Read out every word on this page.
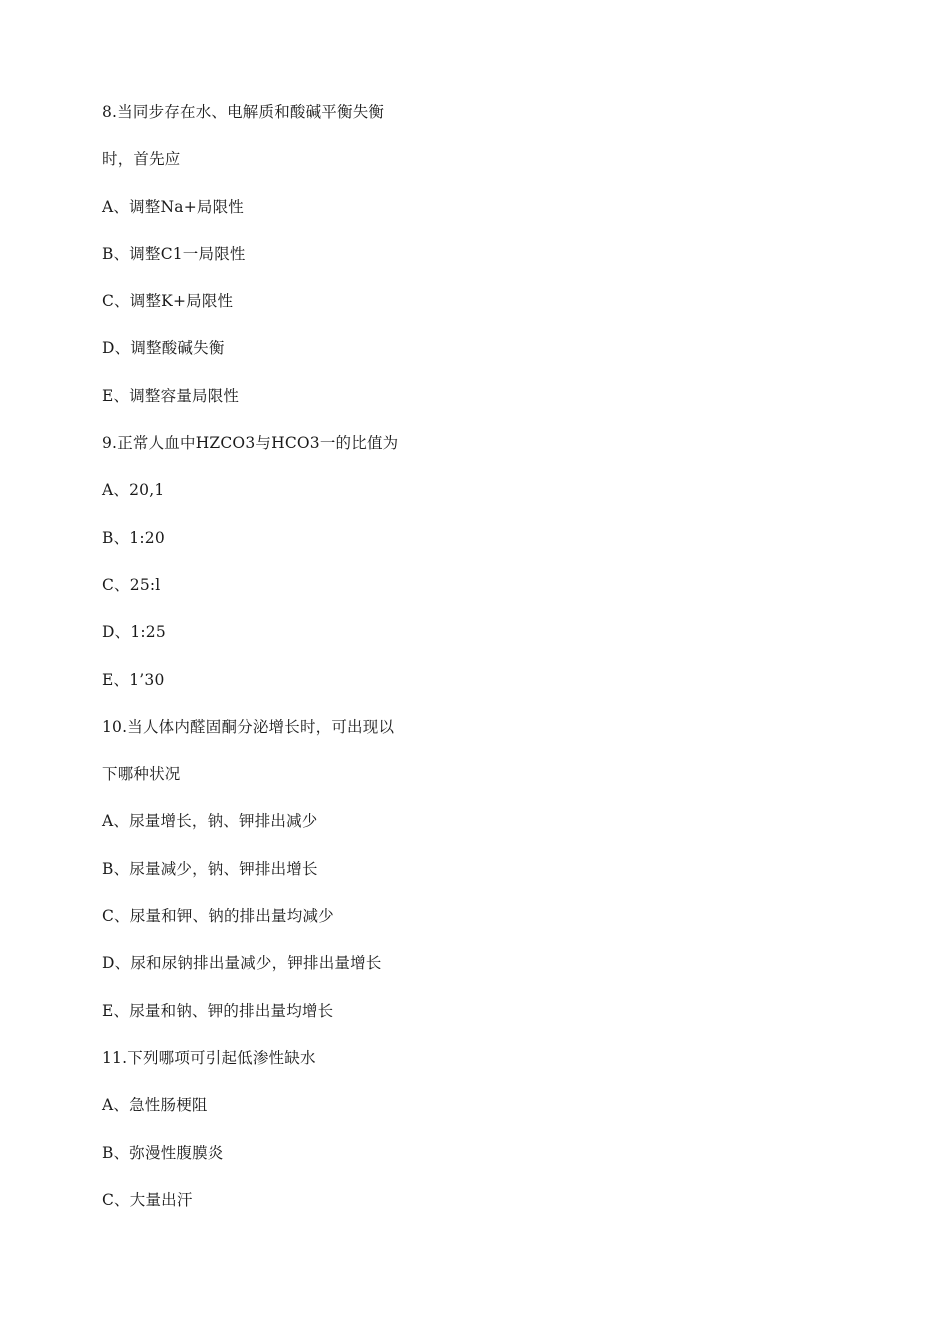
8.当同步存在水、电解质和酸碱平衡失衡
时，首先应
A、调整Na+局限性
B、调整C1一局限性
C、调整K+局限性
D、调整酸碱失衡
E、调整容量局限性
9.正常人血中HZCO3与HCO3一的比值为
A、20,1
B、1:20
C、25:l
D、1:25
E、1’30
10.当人体内醛固酮分泌增长时，可出现以
下哪种状况
A、尿量增长，钠、钾排出减少
B、尿量减少，钠、钾排出增长
C、尿量和钾、钠的排出量均减少
D、尿和尿钠排出量减少，钾排出量增长
E、尿量和钠、钾的排出量均增长
11.下列哪项可引起低渗性缺水
A、急性肠梗阻
B、弥漫性腹膜炎
C、大量出汗
